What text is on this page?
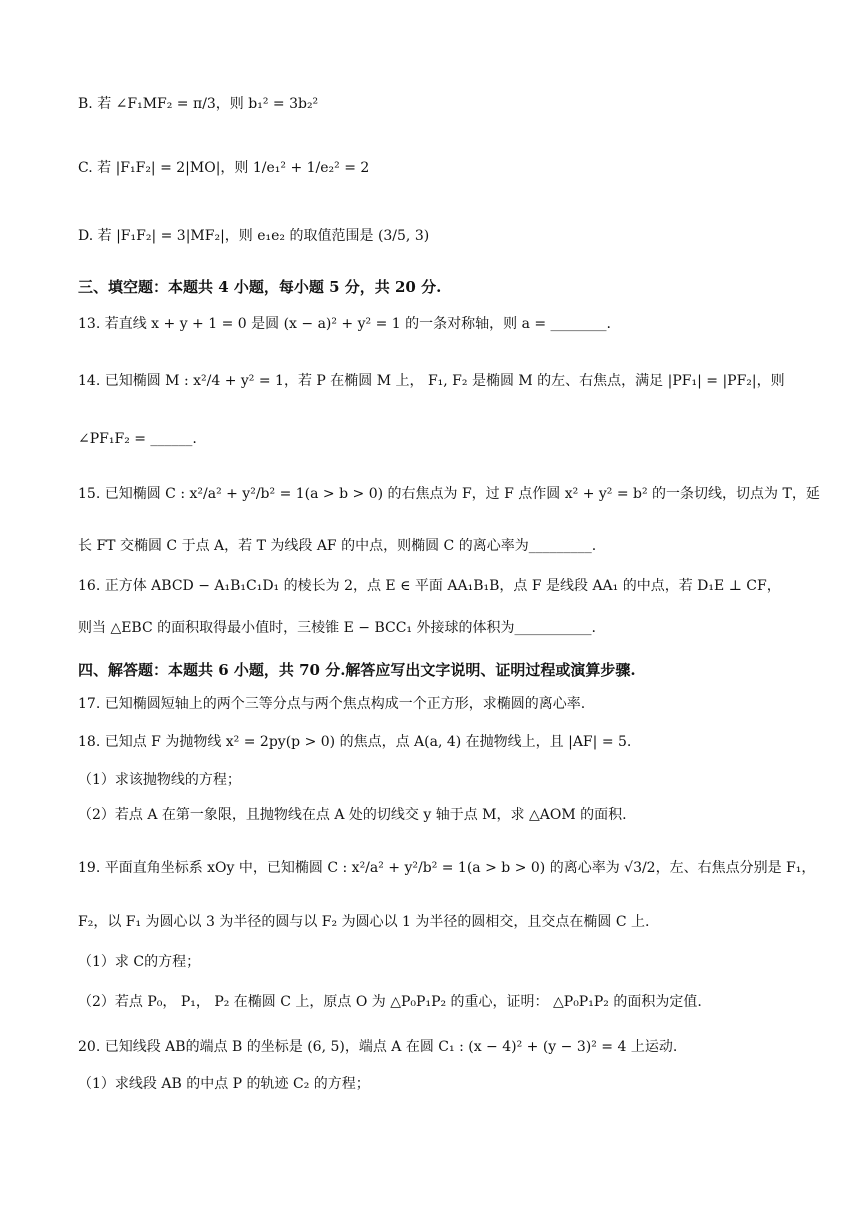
B. 若 ∠F₁MF₂ = π/3，则 b₁² = 3b₂²
C. 若 |F₁F₂| = 2|MO|，则 1/e₁² + 1/e₂² = 2
D. 若 |F₁F₂| = 3|MF₂|，则 e₁e₂ 的取值范围是 (3/5, 3)
三、填空题：本题共 4 小题，每小题 5 分，共 20 分.
13. 若直线 x + y + 1 = 0 是圆 (x − a)² + y² = 1 的一条对称轴，则 a = ________.
14. 已知椭圆 M : x²/4 + y² = 1，若 P 在椭圆 M 上， F₁, F₂ 是椭圆 M 的左、右焦点，满足 |PF₁| = |PF₂|，则
∠PF₁F₂ = ______.
15. 已知椭圆 C : x²/a² + y²/b² = 1(a > b > 0) 的右焦点为 F，过 F 点作圆 x² + y² = b² 的一条切线，切点为 T，延
长 FT 交椭圆 C 于点 A，若 T 为线段 AF 的中点，则椭圆 C 的离心率为_________.
16. 正方体 ABCD − A₁B₁C₁D₁ 的棱长为 2，点 E ∈ 平面 AA₁B₁B，点 F 是线段 AA₁ 的中点，若 D₁E ⊥ CF，
则当 △EBC 的面积取得最小值时，三棱锥 E − BCC₁ 外接球的体积为___________.
四、解答题：本题共 6 小题，共 70 分.解答应写出文字说明、证明过程或演算步骤.
17. 已知椭圆短轴上的两个三等分点与两个焦点构成一个正方形，求椭圆的离心率.
18. 已知点 F 为抛物线 x² = 2py(p > 0) 的焦点，点 A(a, 4) 在抛物线上，且 |AF| = 5.
（1）求该抛物线的方程；
（2）若点 A 在第一象限，且抛物线在点 A 处的切线交 y 轴于点 M，求 △AOM 的面积.
19. 平面直角坐标系 xOy 中，已知椭圆 C : x²/a² + y²/b² = 1(a > b > 0) 的离心率为 √3/2，左、右焦点分别是 F₁，
F₂，以 F₁ 为圆心以 3 为半径的圆与以 F₂ 为圆心以 1 为半径的圆相交，且交点在椭圆 C 上.
（1）求 C的方程；
（2）若点 P₀， P₁， P₂ 在椭圆 C 上，原点 O 为 △P₀P₁P₂ 的重心，证明： △P₀P₁P₂ 的面积为定值.
20. 已知线段 AB的端点 B 的坐标是 (6, 5)，端点 A 在圆 C₁ : (x − 4)² + (y − 3)² = 4 上运动.
（1）求线段 AB 的中点 P 的轨迹 C₂ 的方程；
